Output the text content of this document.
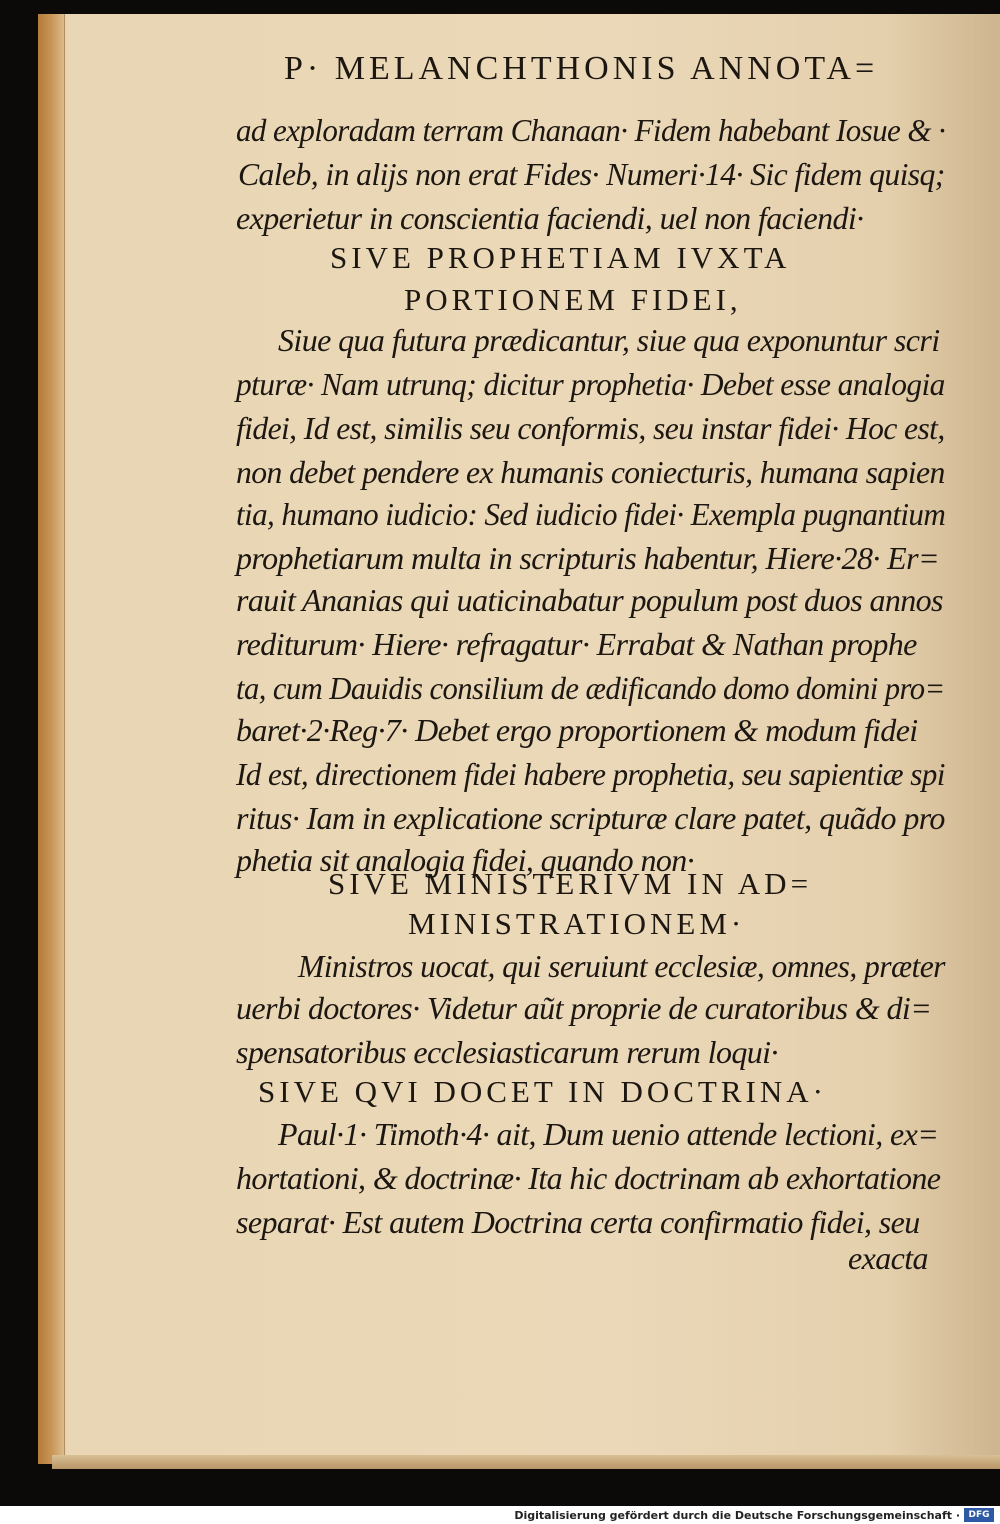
P· MELANCHTHONIS ANNOTA=
ad exploradam terram Chanaan· Fidem habebant Iosue & ·
Caleb, in alijs non erat Fides· Numeri·14· Sic fidem quisq;
experietur in conscientia faciendi, uel non faciendi·
SIVE PROPHETIAM IVXTA
PORTIONEM FIDEI,
Siue qua futura prædicantur, siue qua exponuntur scri
pturæ· Nam utrunq; dicitur prophetia· Debet esse analogia
fidei, Id est, similis seu conformis, seu instar fidei· Hoc est,
non debet pendere ex humanis coniecturis, humana sapien
tia, humano iudicio: Sed iudicio fidei· Exempla pugnantium
prophetiarum multa in scripturis habentur, Hiere·28· Er=
rauit Ananias qui uaticinabatur populum post duos annos
rediturum· Hiere· refragatur· Errabat & Nathan prophe
ta, cum Dauidis consilium de ædificando domo domini pro=
baret·2·Reg·7· Debet ergo proportionem & modum fidei
Id est, directionem fidei habere prophetia, seu sapientiæ spi
ritus· Iam in explicatione scripturæ clare patet, quãdo pro
phetia sit analogia fidei, quando non·
SIVE MINISTERIVM IN AD=
MINISTRATIONEM·
Ministros uocat, qui seruiunt ecclesiæ, omnes, præter
uerbi doctores· Videtur aũt proprie de curatoribus & di=
spensatoribus ecclesiasticarum rerum loqui·
SIVE QVI DOCET IN DOCTRINA·
Paul·1· Timoth·4· ait, Dum uenio attende lectioni, ex=
hortationi, & doctrinæ· Ita hic doctrinam ab exhortatione
separat· Est autem Doctrina certa confirmatio fidei, seu
exacta
Digitalisierung gefördert durch die Deutsche Forschungsgemeinschaft · DFG
